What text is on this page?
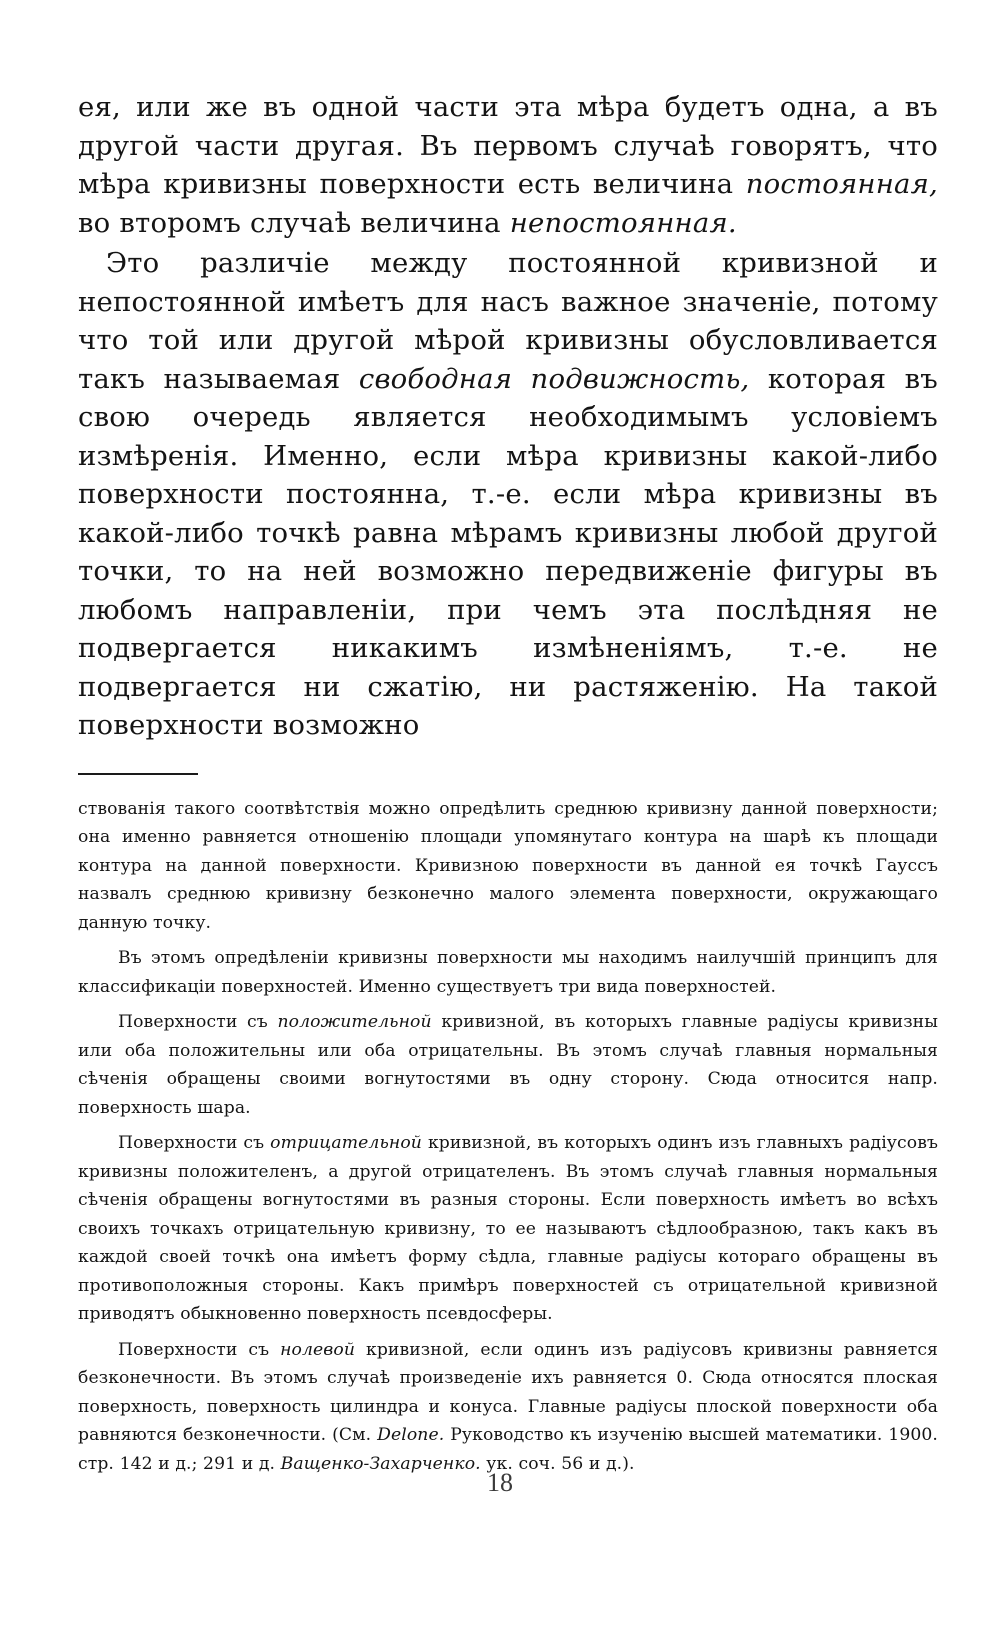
ея, или же въ одной части эта мѣра будетъ одна, а въ другой части другая. Въ первомъ случаѣ говорятъ, что мѣра кривизны поверхности есть величина постоянная, во второмъ случаѣ величина непостоянная.

Это различіе между постоянной кривизной и непостоянной имѣетъ для насъ важное значеніе, потому что той или другой мѣрой кривизны обусловливается такъ называемая свободная подвижность, которая въ свою очередь является необходимымъ условіемъ измѣренія. Именно, если мѣра кривизны какой-либо поверхности постоянна, т.-е. если мѣра кривизны въ какой-либо точкѣ равна мѣрамъ кривизны любой другой точки, то на ней возможно передвиженіе фигуры въ любомъ направленіи, при чемъ эта послѣдняя не подвергается никакимъ измѣненіямъ, т.-е. не подвергается ни сжатію, ни растяженію. На такой поверхности возможно

ствованія такого соотвѣтствія можно опредѣлить среднюю кривизну данной поверхности; она именно равняется отношенію площади упомянутаго контура на шарѣ къ площади контура на данной поверхности. Кривизною поверхности въ данной ея точкѣ Гауссъ назвалъ среднюю кривизну безконечно малого элемента поверхности, окружающаго данную точку.

Въ этомъ опредѣленіи кривизны поверхности мы находимъ наилучшій принципъ для классификаціи поверхностей. Именно существуетъ три вида поверхностей.

Поверхности съ положительной кривизной, въ которыхъ главные радіусы кривизны или оба положительны или оба отрицательны. Въ этомъ случаѣ главныя нормальныя сѣченія обращены своими вогнутостями въ одну сторону. Сюда относится напр. поверхность шара.

Поверхности съ отрицательной кривизной, въ которыхъ одинъ изъ главныхъ радіусовъ кривизны положителенъ, а другой отрицателенъ. Въ этомъ случаѣ главныя нормальныя сѣченія обращены вогнутостями въ разныя стороны. Если поверхность имѣетъ во всѣхъ своихъ точкахъ отрицательную кривизну, то ее называютъ сѣдлообразною, такъ какъ въ каждой своей точкѣ она имѣетъ форму сѣдла, главные радіусы котораго обращены въ противоположныя стороны. Какъ примѣръ поверхностей съ отрицательной кривизной приводятъ обыкновенно поверхность псевдосферы.

Поверхности съ нолевой кривизной, если одинъ изъ радіусовъ кривизны равняется безконечности. Въ этомъ случаѣ произведеніе ихъ равняется 0. Сюда относятся плоская поверхность, поверхность цилиндра и конуса. Главные радіусы плоской поверхности оба равняются безконечности. (См. Delone. Руководство къ изученію высшей математики. 1900. стр. 142 и д.; 291 и д. Ващенко-Захарченко. ук. соч. 56 и д.).

18
